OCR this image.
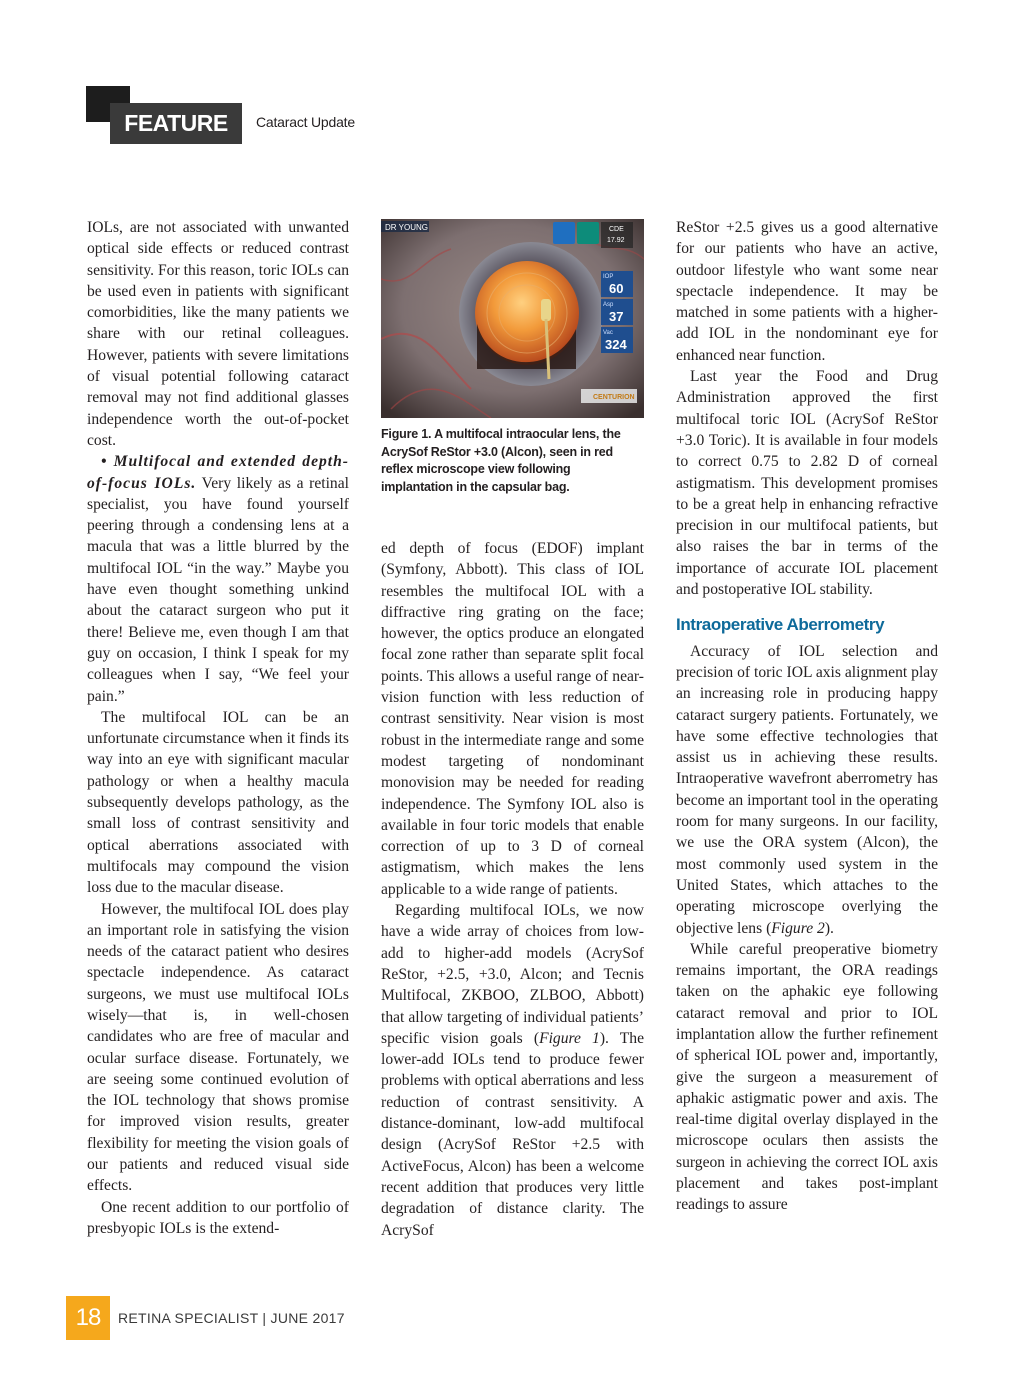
FEATURE	Cataract Update

IOLs, are not associated with unwanted optical side effects or reduced contrast sensitivity. For this reason, toric IOLs can be used even in patients with significant comorbidities, like the many patients we share with our retinal colleagues. However, patients with severe limitations of visual potential following cataract removal may not find additional glasses independence worth the out-of-pocket cost.

• Multifocal and extended depth-of-focus IOLs. Very likely as a retinal specialist, you have found yourself peering through a condensing lens at a macula that was a little blurred by the multifocal IOL “in the way.” Maybe you have even thought something unkind about the cataract surgeon who put it there! Believe me, even though I am that guy on occasion, I think I speak for my colleagues when I say, “We feel your pain.”

The multifocal IOL can be an unfortunate circumstance when it finds its way into an eye with significant macular pathology or when a healthy macula subsequently develops pathology, as the small loss of contrast sensitivity and optical aberrations associated with multifocals may compound the vision loss due to the macular disease.

However, the multifocal IOL does play an important role in satisfying the vision needs of the cataract patient who desires spectacle independence. As cataract surgeons, we must use multifocal IOLs wisely—that is, in well-chosen candidates who are free of macular and ocular surface disease. Fortunately, we are seeing some continued evolution of the IOL technology that shows promise for improved vision results, greater flexibility for meeting the vision goals of our patients and reduced visual side effects.

One recent addition to our portfolio of presbyopic IOLs is the extend-

DR YOUNG	CDE
17.92
IOP
60
Asp
37
Vac
324
CENTURION
Figure 1. A multifocal intraocular lens, the AcrySof ReStor +3.0 (Alcon), seen in red reflex microscope view following implantation in the capsular bag.

ed depth of focus (EDOF) implant (Symfony, Abbott). This class of IOL resembles the multifocal IOL with a diffractive ring grating on the face; however, the optics produce an elongated focal zone rather than separate split focal points. This allows a useful range of near-vision function with less reduction of contrast sensitivity. Near vision is most robust in the intermediate range and some modest targeting of nondominant monovision may be needed for reading independence. The Symfony IOL also is available in four toric models that enable correction of up to 3 D of corneal astigmatism, which makes the lens applicable to a wide range of patients.

Regarding multifocal IOLs, we now have a wide array of choices from low-add to higher-add models (AcrySof ReStor, +2.5, +3.0, Alcon; and Tecnis Multifocal, ZKBOO, ZLBOO, Abbott) that allow targeting of individual patients’ specific vision goals (Figure 1). The lower-add IOLs tend to produce fewer problems with optical aberrations and less reduction of contrast sensitivity. A distance-dominant, low-add multifocal design (AcrySof ReStor +2.5 with ActiveFocus, Alcon) has been a welcome recent addition that produces very little degradation of distance clarity. The AcrySof

ReStor +2.5 gives us a good alternative for our patients who have an active, outdoor lifestyle who want some near spectacle independence. It may be matched in some patients with a higher-add IOL in the nondominant eye for enhanced near function.

Last year the Food and Drug Administration approved the first multifocal toric IOL (AcrySof ReStor +3.0 Toric). It is available in four models to correct 0.75 to 2.82 D of corneal astigmatism. This development promises to be a great help in enhancing refractive precision in our multifocal patients, but also raises the bar in terms of the importance of accurate IOL placement and postoperative IOL stability.

Intraoperative Aberrometry

Accuracy of IOL selection and precision of toric IOL axis alignment play an increasing role in producing happy cataract surgery patients. Fortunately, we have some effective technologies that assist us in achieving these results. Intraoperative wavefront aberrometry has become an important tool in the operating room for many surgeons. In our facility, we use the ORA system (Alcon), the most commonly used system in the United States, which attaches to the operating microscope overlying the objective lens (Figure 2).

While careful preoperative biometry remains important, the ORA readings taken on the aphakic eye following cataract removal and prior to IOL implantation allow the further refinement of spherical IOL power and, importantly, give the surgeon a measurement of aphakic astigmatic power and axis. The real-time digital overlay displayed in the microscope oculars then assists the surgeon in achieving the correct IOL axis placement and takes post-implant readings to assure

18	RETINA SPECIALIST | JUNE 2017
